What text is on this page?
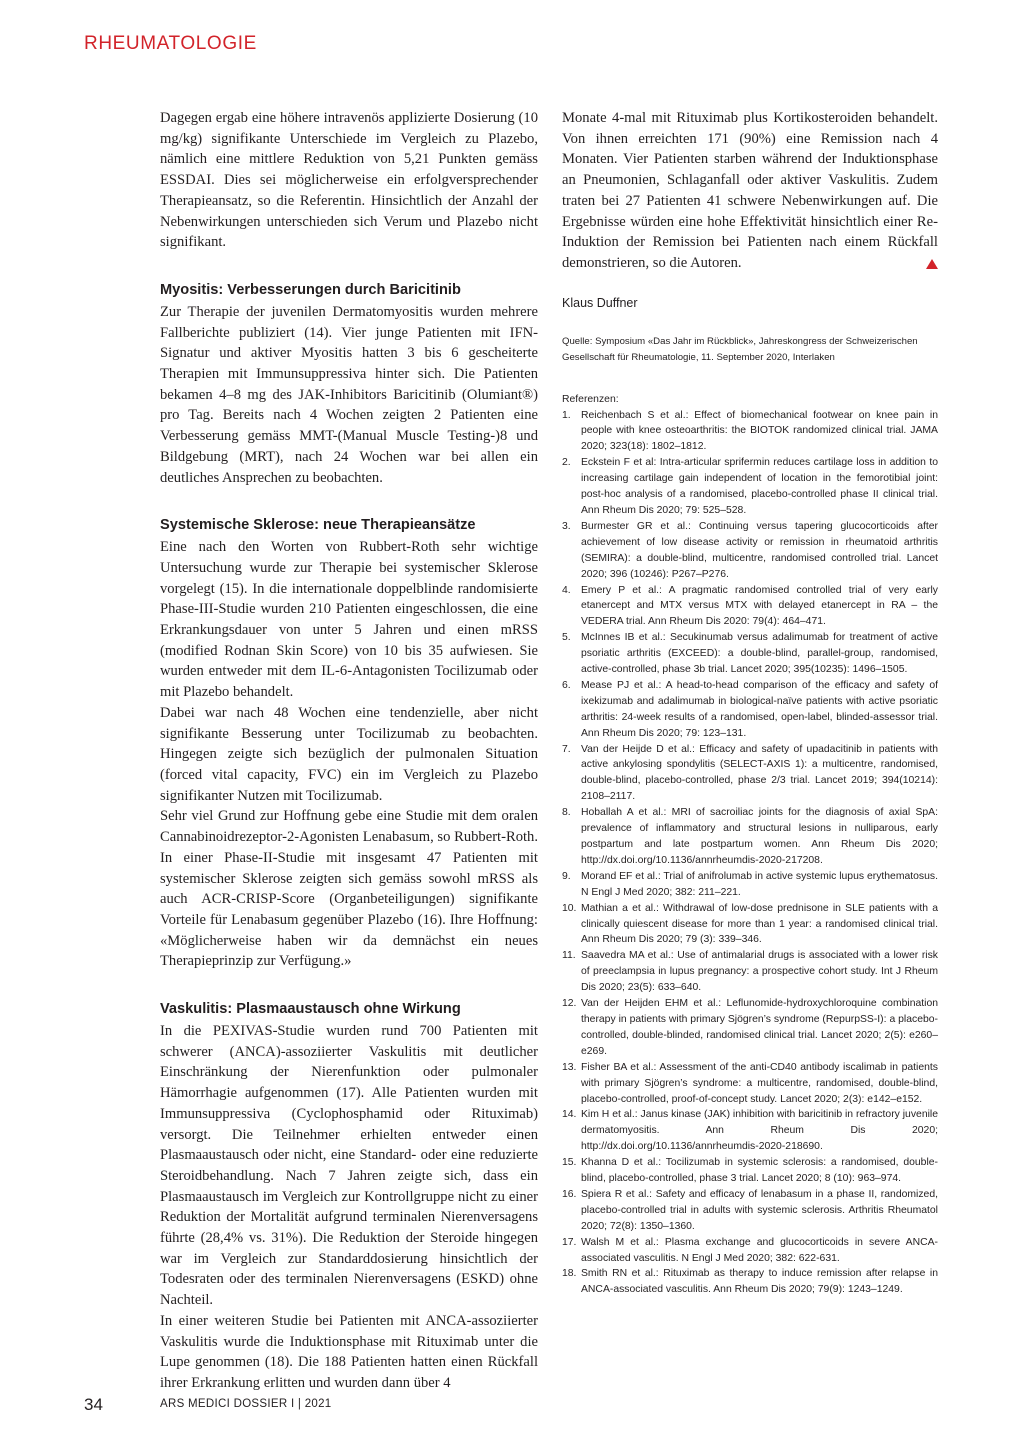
RHEUMATOLOGIE

Dagegen ergab eine höhere intravenös applizierte Dosierung (10 mg/kg) signifikante Unterschiede im Vergleich zu Plazebo, nämlich eine mittlere Reduktion von 5,21 Punkten gemäss ESSDAI. Dies sei möglicherweise ein erfolgversprechender Therapieansatz, so die Referentin. Hinsichtlich der Anzahl der Nebenwirkungen unterschieden sich Verum und Plazebo nicht signifikant.

Myositis: Verbesserungen durch Baricitinib

Zur Therapie der juvenilen Dermatomyositis wurden mehrere Fallberichte publiziert (14). Vier junge Patienten mit IFN-Signatur und aktiver Myositis hatten 3 bis 6 gescheiterte Therapien mit Immunsuppressiva hinter sich. Die Patienten bekamen 4–8 mg des JAK-Inhibitors Baricitinib (Olumiant®) pro Tag. Bereits nach 4 Wochen zeigten 2 Patienten eine Verbesserung gemäss MMT-(Manual Muscle Testing-)8 und Bildgebung (MRT), nach 24 Wochen war bei allen ein deutliches Ansprechen zu beobachten.

Systemische Sklerose: neue Therapieansätze

Eine nach den Worten von Rubbert-Roth sehr wichtige Untersuchung wurde zur Therapie bei systemischer Sklerose vorgelegt (15). In die internationale doppelblinde randomisierte Phase-III-Studie wurden 210 Patienten eingeschlossen, die eine Erkrankungsdauer von unter 5 Jahren und einen mRSS (modified Rodnan Skin Score) von 10 bis 35 aufwiesen. Sie wurden entweder mit dem IL-6-Antagonisten Tocilizumab oder mit Plazebo behandelt.

Dabei war nach 48 Wochen eine tendenzielle, aber nicht signifikante Besserung unter Tocilizumab zu beobachten. Hingegen zeigte sich bezüglich der pulmonalen Situation (forced vital capacity, FVC) ein im Vergleich zu Plazebo signifikanter Nutzen mit Tocilizumab.

Sehr viel Grund zur Hoffnung gebe eine Studie mit dem oralen Cannabinoidrezeptor-2-Agonisten Lenabasum, so Rubbert-Roth. In einer Phase-II-Studie mit insgesamt 47 Patienten mit systemischer Sklerose zeigten sich gemäss sowohl mRSS als auch ACR-CRISP-Score (Organbeteiligungen) signifikante Vorteile für Lenabasum gegenüber Plazebo (16). Ihre Hoffnung: «Möglicherweise haben wir da demnächst ein neues Therapieprinzip zur Verfügung.»

Vaskulitis: Plasmaaustausch ohne Wirkung

In die PEXIVAS-Studie wurden rund 700 Patienten mit schwerer (ANCA)-assoziierter Vaskulitis mit deutlicher Einschränkung der Nierenfunktion oder pulmonaler Hämorrhagie aufgenommen (17). Alle Patienten wurden mit Immunsuppressiva (Cyclophosphamid oder Rituximab) versorgt. Die Teilnehmer erhielten entweder einen Plasmaaustausch oder nicht, eine Standard- oder eine reduzierte Steroidbehandlung. Nach 7 Jahren zeigte sich, dass ein Plasmaaustausch im Vergleich zur Kontrollgruppe nicht zu einer Reduktion der Mortalität aufgrund terminalen Nierenversagens führte (28,4% vs. 31%). Die Reduktion der Steroide hingegen war im Vergleich zur Standarddosierung hinsichtlich der Todesraten oder des terminalen Nierenversagens (ESKD) ohne Nachteil.

In einer weiteren Studie bei Patienten mit ANCA-assoziierter Vaskulitis wurde die Induktionsphase mit Rituximab unter die Lupe genommen (18). Die 188 Patienten hatten einen Rückfall ihrer Erkrankung erlitten und wurden dann über 4

Monate 4-mal mit Rituximab plus Kortikosteroiden behandelt. Von ihnen erreichten 171 (90%) eine Remission nach 4 Monaten. Vier Patienten starben während der Induktionsphase an Pneumonien, Schlaganfall oder aktiver Vaskulitis. Zudem traten bei 27 Patienten 41 schwere Nebenwirkungen auf. Die Ergebnisse würden eine hohe Effektivität hinsichtlich einer Re-Induktion der Remission bei Patienten nach einem Rückfall demonstrieren, so die Autoren.

Klaus Duffner
Quelle: Symposium «Das Jahr im Rückblick», Jahreskongress der Schweizerischen Gesellschaft für Rheumatologie, 11. September 2020, Interlaken
Referenzen:
1. Reichenbach S et al.: Effect of biomechanical footwear on knee pain in people with knee osteoarthritis: the BIOTOK randomized clinical trial. JAMA 2020; 323(18): 1802–1812.
2. Eckstein F et al: Intra-articular sprifermin reduces cartilage loss in addition to increasing cartilage gain independent of location in the femorotibial joint: post-hoc analysis of a randomised, placebo-controlled phase II clinical trial. Ann Rheum Dis 2020; 79: 525–528.
3. Burmester GR et al.: Continuing versus tapering glucocorticoids after achievement of low disease activity or remission in rheumatoid arthritis (SEMIRA): a double-blind, multicentre, randomised controlled trial. Lancet 2020; 396 (10246): P267–P276.
4. Emery P et al.: A pragmatic randomised controlled trial of very early etanercept and MTX versus MTX with delayed etanercept in RA – the VEDERA trial. Ann Rheum Dis 2020: 79(4): 464–471.
5. McInnes IB et al.: Secukinumab versus adalimumab for treatment of active psoriatic arthritis (EXCEED): a double-blind, parallel-group, randomised, active-controlled, phase 3b trial. Lancet 2020; 395(10235): 1496–1505.
6. Mease PJ et al.: A head-to-head comparison of the efficacy and safety of ixekizumab and adalimumab in biological-naïve patients with active psoriatic arthritis: 24-week results of a randomised, open-label, blinded-assessor trial. Ann Rheum Dis 2020; 79: 123–131.
7. Van der Heijde D et al.: Efficacy and safety of upadacitinib in patients with active ankylosing spondylitis (SELECT-AXIS 1): a multicentre, randomised, double-blind, placebo-controlled, phase 2/3 trial. Lancet 2019; 394(10214): 2108–2117.
8. Hoballah A et al.: MRI of sacroiliac joints for the diagnosis of axial SpA: prevalence of inflammatory and structural lesions in nulliparous, early postpartum and late postpartum women. Ann Rheum Dis 2020; http://dx.doi.org/10.1136/annrheumdis-2020-217208.
9. Morand EF et al.: Trial of anifrolumab in active systemic lupus erythematosus. N Engl J Med 2020; 382: 211–221.
10. Mathian a et al.: Withdrawal of low-dose prednisone in SLE patients with a clinically quiescent disease for more than 1 year: a randomised clinical trial. Ann Rheum Dis 2020; 79 (3): 339–346.
11. Saavedra MA et al.: Use of antimalarial drugs is associated with a lower risk of preeclampsia in lupus pregnancy: a prospective cohort study. Int J Rheum Dis 2020; 23(5): 633–640.
12. Van der Heijden EHM et al.: Leflunomide-hydroxychloroquine combination therapy in patients with primary Sjögren’s syndrome (RepurpSS-I): a placebo-controlled, double-blinded, randomised clinical trial. Lancet 2020; 2(5): e260–e269.
13. Fisher BA et al.: Assessment of the anti-CD40 antibody iscalimab in patients with primary Sjögren’s syndrome: a multicentre, randomised, double-blind, placebo-controlled, proof-of-concept study. Lancet 2020; 2(3): e142–e152.
14. Kim H et al.: Janus kinase (JAK) inhibition with baricitinib in refractory juvenile dermatomyositis. Ann Rheum Dis 2020; http://dx.doi.org/10.1136/annrheumdis-2020-218690.
15. Khanna D et al.: Tocilizumab in systemic sclerosis: a randomised, double-blind, placebo-controlled, phase 3 trial. Lancet 2020; 8 (10): 963–974.
16. Spiera R et al.: Safety and efficacy of lenabasum in a phase II, randomized, placebo-controlled trial in adults with systemic sclerosis. Arthritis Rheumatol 2020; 72(8): 1350–1360.
17. Walsh M et al.: Plasma exchange and glucocorticoids in severe ANCA-associated vasculitis. N Engl J Med 2020; 382: 622-631.
18. Smith RN et al.: Rituximab as therapy to induce remission after relapse in ANCA-associated vasculitis. Ann Rheum Dis 2020; 79(9): 1243–1249.
34	ARS MEDICI DOSSIER I | 2021
